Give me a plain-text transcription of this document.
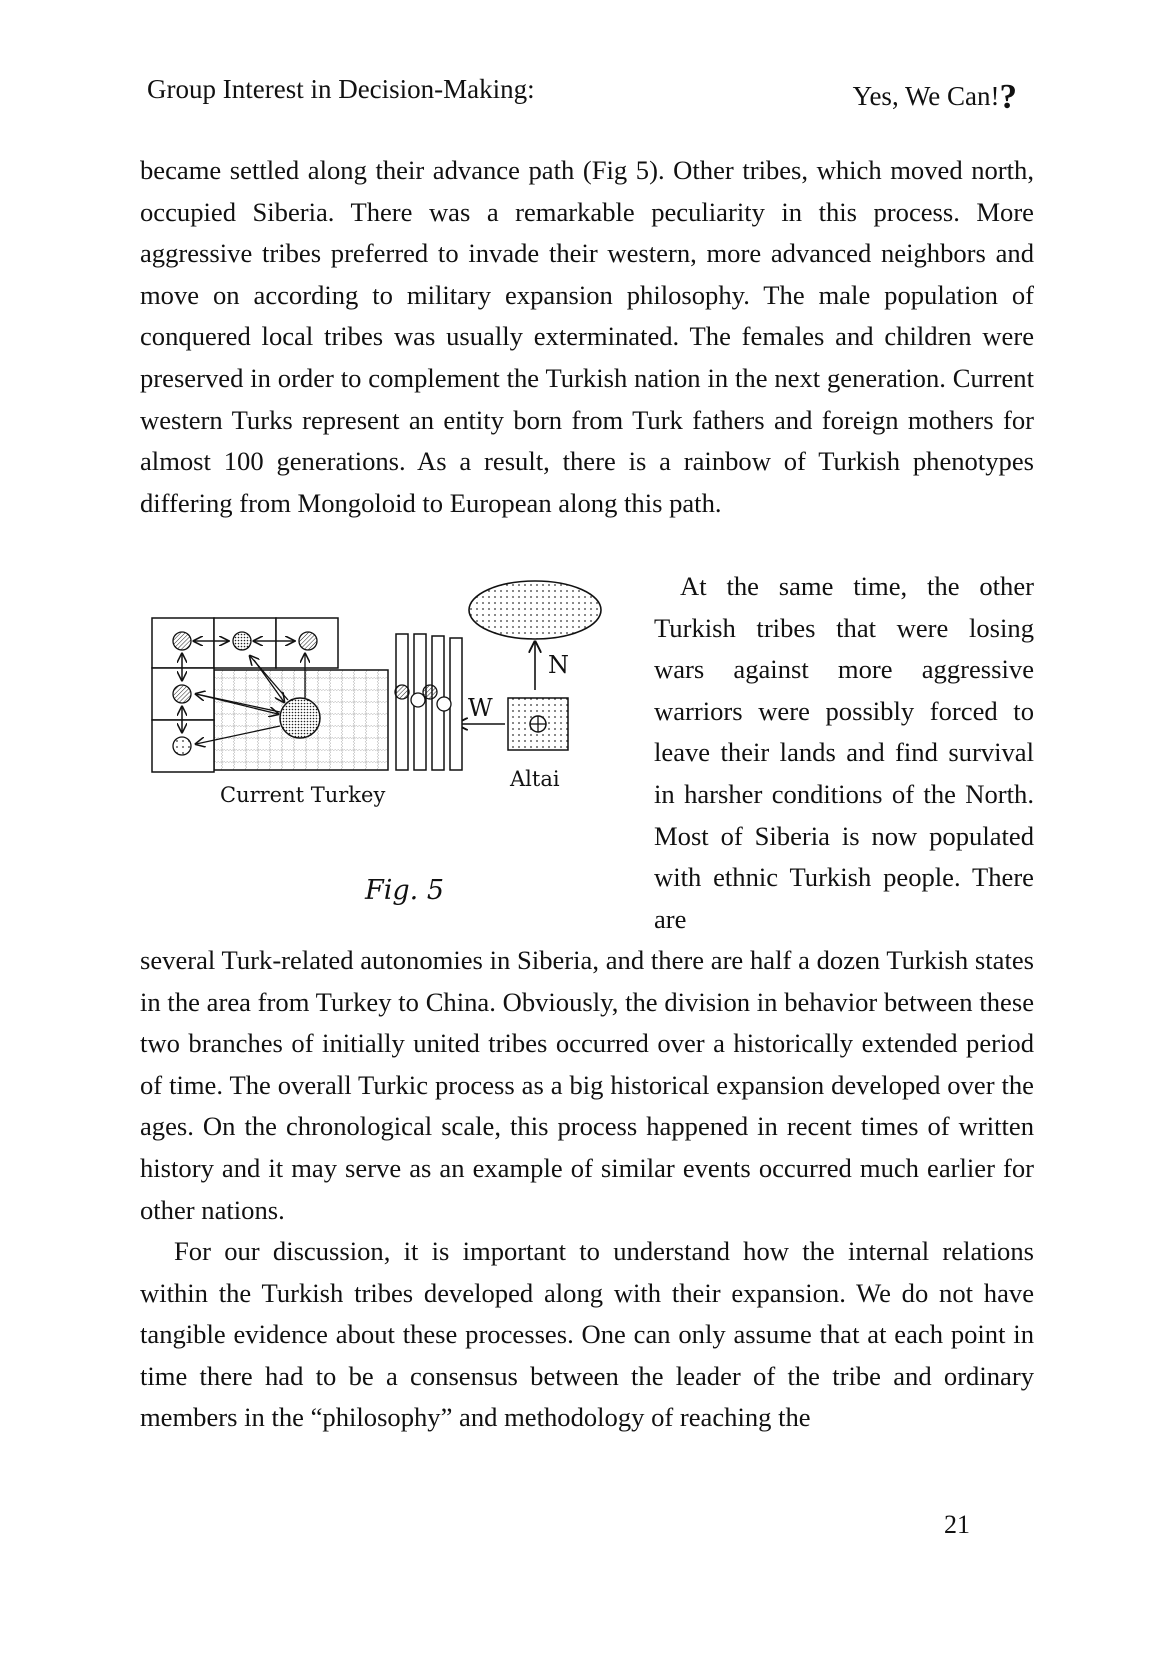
Group Interest in Decision-Making:	Yes, We Can!?

became settled along their advance path (Fig 5). Other tribes, which moved north, occupied Siberia. There was a remarkable peculiarity in this process. More aggressive tribes preferred to invade their western, more advanced neighbors and move on according to military expansion philosophy. The male population of conquered local tribes was usually exterminated. The females and children were preserved in order to complement the Turkish nation in the next generation. Current western Turks represent an entity born from Turk fathers and foreign mothers for almost 100 generations. As a result, there is a rainbow of Turkish phenotypes differing from Mongoloid to European along this path.

N
Altai
W
Current Turkey
Fig. 5

At the same time, the other Turkish tribes that were losing wars against more aggressive warriors were possibly forced to leave their lands and find survival in harsher conditions of the North. Most of Siberia is now populated with ethnic Turkish people. There are

several Turk-related autonomies in Siberia, and there are half a dozen Turkish states in the area from Turkey to China. Obviously, the division in behavior between these two branches of initially united tribes occurred over a historically extended period of time. The overall Turkic process as a big historical expansion developed over the ages. On the chronological scale, this process happened in recent times of written history and it may serve as an example of similar events occurred much earlier for other nations.

For our discussion, it is important to understand how the internal relations within the Turkish tribes developed along with their expansion. We do not have tangible evidence about these processes. One can only assume that at each point in time there had to be a consensus between the leader of the tribe and ordinary members in the “philosophy” and methodology of reaching the

21
